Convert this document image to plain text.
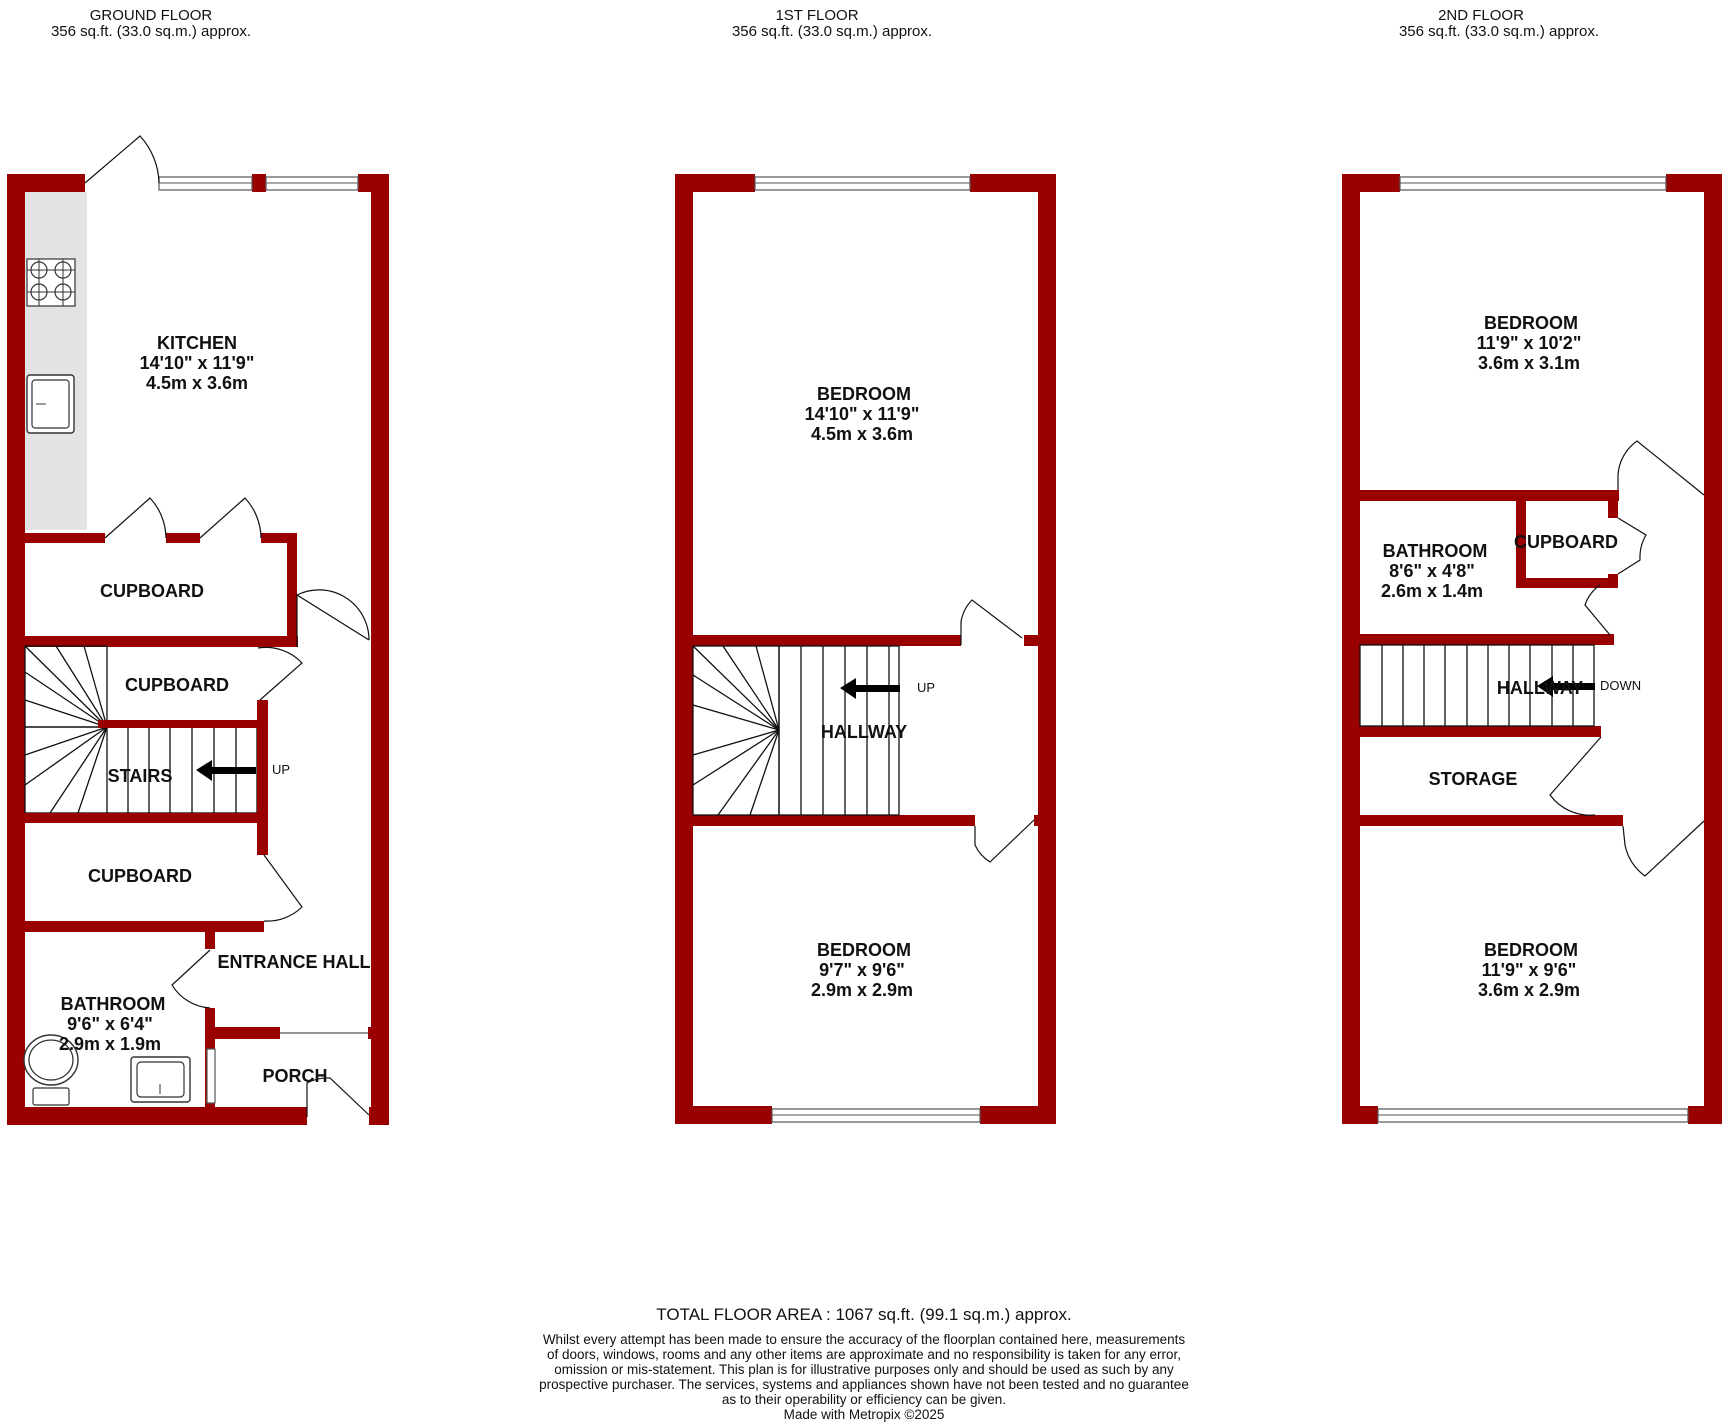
GROUND FLOOR
356 sq.ft. (33.0 sq.m.) approx.
1ST FLOOR
356 sq.ft. (33.0 sq.m.) approx.
2ND FLOOR
356 sq.ft. (33.0 sq.m.) approx.
KITCHEN
14'10" x 11'9"
4.5m x 3.6m
CUPBOARD
CUPBOARD
STAIRS	UP
CUPBOARD
ENTRANCE HALL
BATHROOM
9'6" x 6'4"
2.9m x 1.9m
PORCH
BEDROOM
14'10" x 11'9"
4.5m x 3.6m
HALLWAY
UP
BEDROOM
9'7" x 9'6"
2.9m x 2.9m
BEDROOM
11'9" x 10'2"
3.6m x 3.1m
BATHROOM
8'6" x 4'8"
2.6m x 1.4m
CUPBOARD
HALLWAY DOWN
STORAGE
BEDROOM
11'9" x 9'6"
3.6m x 2.9m
TOTAL FLOOR AREA : 1067 sq.ft. (99.1 sq.m.) approx.
Whilst every attempt has been made to ensure the accuracy of the floorplan contained here, measurements
of doors, windows, rooms and any other items are approximate and no responsibility is taken for any error,
omission or mis-statement. This plan is for illustrative purposes only and should be used as such by any
prospective purchaser. The services, systems and appliances shown have not been tested and no guarantee
as to their operability or efficiency can be given.
Made with Metropix ©2025
